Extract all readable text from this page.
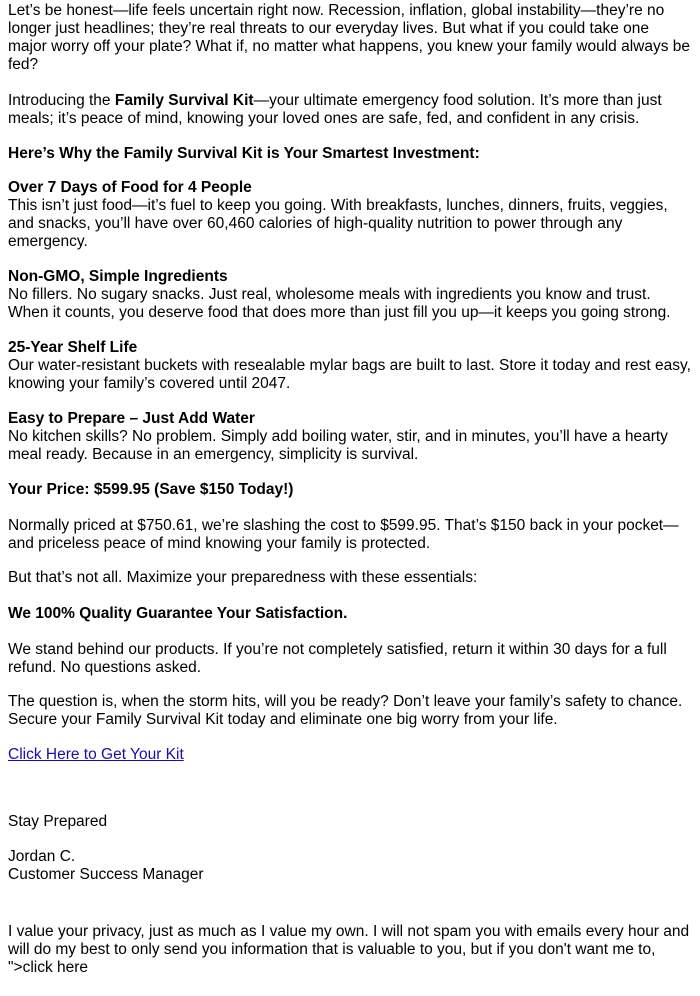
Let’s be honest—life feels uncertain right now. Recession, inflation, global instability—they’re no longer just headlines; they’re real threats to our everyday lives. But what if you could take one major worry off your plate? What if, no matter what happens, you knew your family would always be fed?

Introducing the Family Survival Kit—your ultimate emergency food solution. It’s more than just meals; it’s peace of mind, knowing your loved ones are safe, fed, and confident in any crisis.

Here’s Why the Family Survival Kit is Your Smartest Investment:

Over 7 Days of Food for 4 People
This isn’t just food—it’s fuel to keep you going. With breakfasts, lunches, dinners, fruits, veggies, and snacks, you’ll have over 60,460 calories of high-quality nutrition to power through any emergency.
Non-GMO, Simple Ingredients
No fillers. No sugary snacks. Just real, wholesome meals with ingredients you know and trust. When it counts, you deserve food that does more than just fill you up—it keeps you going strong.
25-Year Shelf Life
Our water-resistant buckets with resealable mylar bags are built to last. Store it today and rest easy, knowing your family’s covered until 2047.
Easy to Prepare – Just Add Water
No kitchen skills? No problem. Simply add boiling water, stir, and in minutes, you’ll have a hearty meal ready. Because in an emergency, simplicity is survival.

Your Price: $599.95 (Save $150 Today!)

Normally priced at $750.61, we’re slashing the cost to $599.95. That’s $150 back in your pocket—and priceless peace of mind knowing your family is protected.

But that’s not all. Maximize your preparedness with these essentials:

We 100% Quality Guarantee Your Satisfaction.

We stand behind our products. If you’re not completely satisfied, return it within 30 days for a full refund. No questions asked.

The question is, when the storm hits, will you be ready? Don’t leave your family’s safety to chance. Secure your Family Survival Kit today and eliminate one big worry from your life.

Click Here to Get Your Kit

Stay Prepared

Jordan C.
Customer Success Manager

I value your privacy, just as much as I value my own. I will not spam you with emails every hour and will do my best to only send you information that is valuable to you, but if you don't want me to, ">click here
